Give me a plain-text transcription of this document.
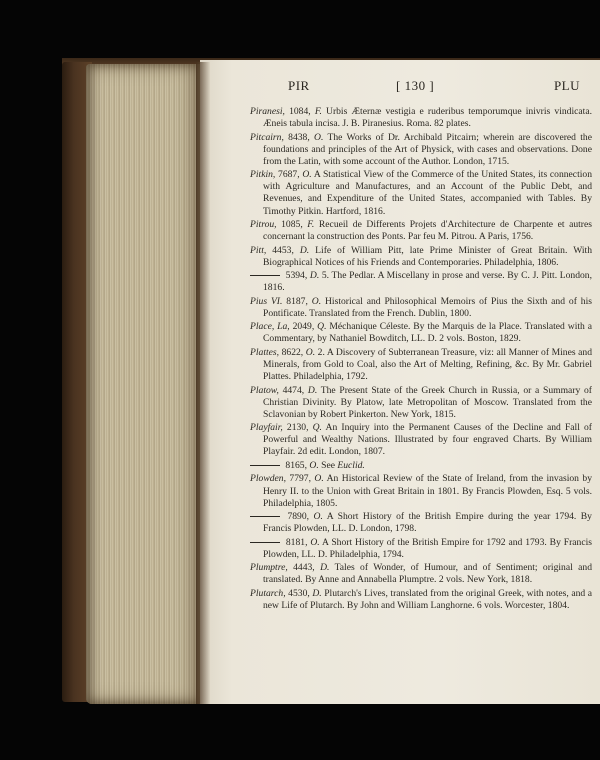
PIR	[ 130 ]	PLU
Piranesi, 1084, F. Urbis Æternæ vestigia e ruderibus temporumque inivris vindicata. Æneis tabula incisa. J. B. Piranesius. Roma. 82 plates.
Pitcairn, 8438, O. The Works of Dr. Archibald Pitcairn; wherein are discovered the foundations and principles of the Art of Physick, with cases and observations. Done from the Latin, with some account of the Author. London, 1715.
Pitkin, 7687, O. A Statistical View of the Commerce of the United States, its connection with Agriculture and Manufactures, and an Account of the Public Debt, and Revenues, and Expenditure of the United States, accompanied with Tables. By Timothy Pitkin. Hartford, 1816.
Pitrou, 1085, F. Recueil de Differents Projets d'Architecture de Charpente et autres concernant la construction des Ponts. Par feu M. Pitrou. A Paris, 1756.
Pitt, 4453, D. Life of William Pitt, late Prime Minister of Great Britain. With Biographical Notices of his Friends and Contemporaries. Philadelphia, 1806.
5394, D. 5. The Pedlar. A Miscellany in prose and verse. By C. J. Pitt. London, 1816.
Pius VI. 8187, O. Historical and Philosophical Memoirs of Pius the Sixth and of his Pontificate. Translated from the French. Dublin, 1800.
Place, La, 2049, Q. Méchanique Céleste. By the Marquis de la Place. Translated with a Commentary, by Nathaniel Bowditch, LL. D. 2 vols. Boston, 1829.
Plattes, 8622, O. 2. A Discovery of Subterranean Treasure, viz: all Manner of Mines and Minerals, from Gold to Coal, also the Art of Melting, Refining, &c. By Mr. Gabriel Plattes. Philadelphia, 1792.
Platow, 4474, D. The Present State of the Greek Church in Russia, or a Summary of Christian Divinity. By Platow, late Metropolitan of Moscow. Translated from the Sclavonian by Robert Pinkerton. New York, 1815.
Playfair, 2130, Q. An Inquiry into the Permanent Causes of the Decline and Fall of Powerful and Wealthy Nations. Illustrated by four engraved Charts. By William Playfair. 2d edit. London, 1807.
8165, O. See Euclid.
Plowden, 7797, O. An Historical Review of the State of Ireland, from the invasion by Henry II. to the Union with Great Britain in 1801. By Francis Plowden, Esq. 5 vols. Philadelphia, 1805.
7890, O. A Short History of the British Empire during the year 1794. By Francis Plowden, LL. D. London, 1798.
8181, O. A Short History of the British Empire for 1792 and 1793. By Francis Plowden, LL. D. Philadelphia, 1794.
Plumptre, 4443, D. Tales of Wonder, of Humour, and of Sentiment; original and translated. By Anne and Annabella Plumptre. 2 vols. New York, 1818.
Plutarch, 4530, D. Plutarch's Lives, translated from the original Greek, with notes, and a new Life of Plutarch. By John and William Langhorne. 6 vols. Worcester, 1804.
